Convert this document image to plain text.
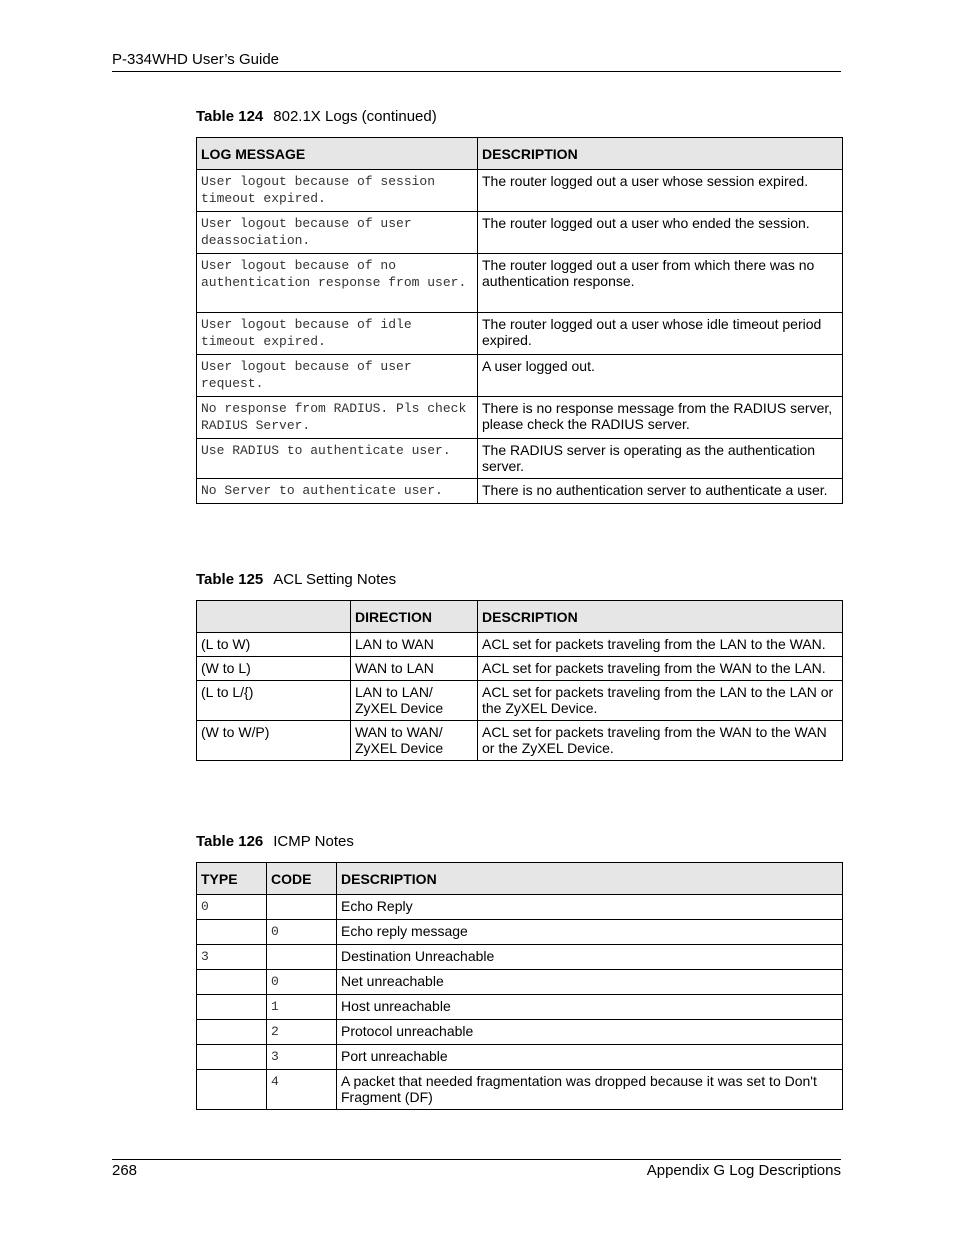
P-334WHD User’s Guide
Table 124 802.1X Logs (continued)
LOG MESSAGE	DESCRIPTION
User logout because of session timeout expired.	The router logged out a user whose session expired.
User logout because of user deassociation.	The router logged out a user who ended the session.
User logout because of no authentication response from user.	The router logged out a user from which there was no authentication response.
User logout because of idle timeout expired.	The router logged out a user whose idle timeout period expired.
User logout because of user request.	A user logged out.
No response from RADIUS. Pls check RADIUS Server.	There is no response message from the RADIUS server, please check the RADIUS server.
Use RADIUS to authenticate user.	The RADIUS server is operating as the authentication server.
No Server to authenticate user.	There is no authentication server to authenticate a user.
Table 125 ACL Setting Notes
	DIRECTION	DESCRIPTION
(L to W)	LAN to WAN	ACL set for packets traveling from the LAN to the WAN.
(W to L)	WAN to LAN	ACL set for packets traveling from the WAN to the LAN.
(L to L/{)	LAN to LAN/ ZyXEL Device	ACL set for packets traveling from the LAN to the LAN or the ZyXEL Device.
(W to W/P)	WAN to WAN/ ZyXEL Device	ACL set for packets traveling from the WAN to the WAN or the ZyXEL Device.
Table 126 ICMP Notes
TYPE	CODE	DESCRIPTION
0		Echo Reply
	0	Echo reply message
3		Destination Unreachable
	0	Net unreachable
	1	Host unreachable
	2	Protocol unreachable
	3	Port unreachable
	4	A packet that needed fragmentation was dropped because it was set to Don't Fragment (DF)
268	Appendix G Log Descriptions
